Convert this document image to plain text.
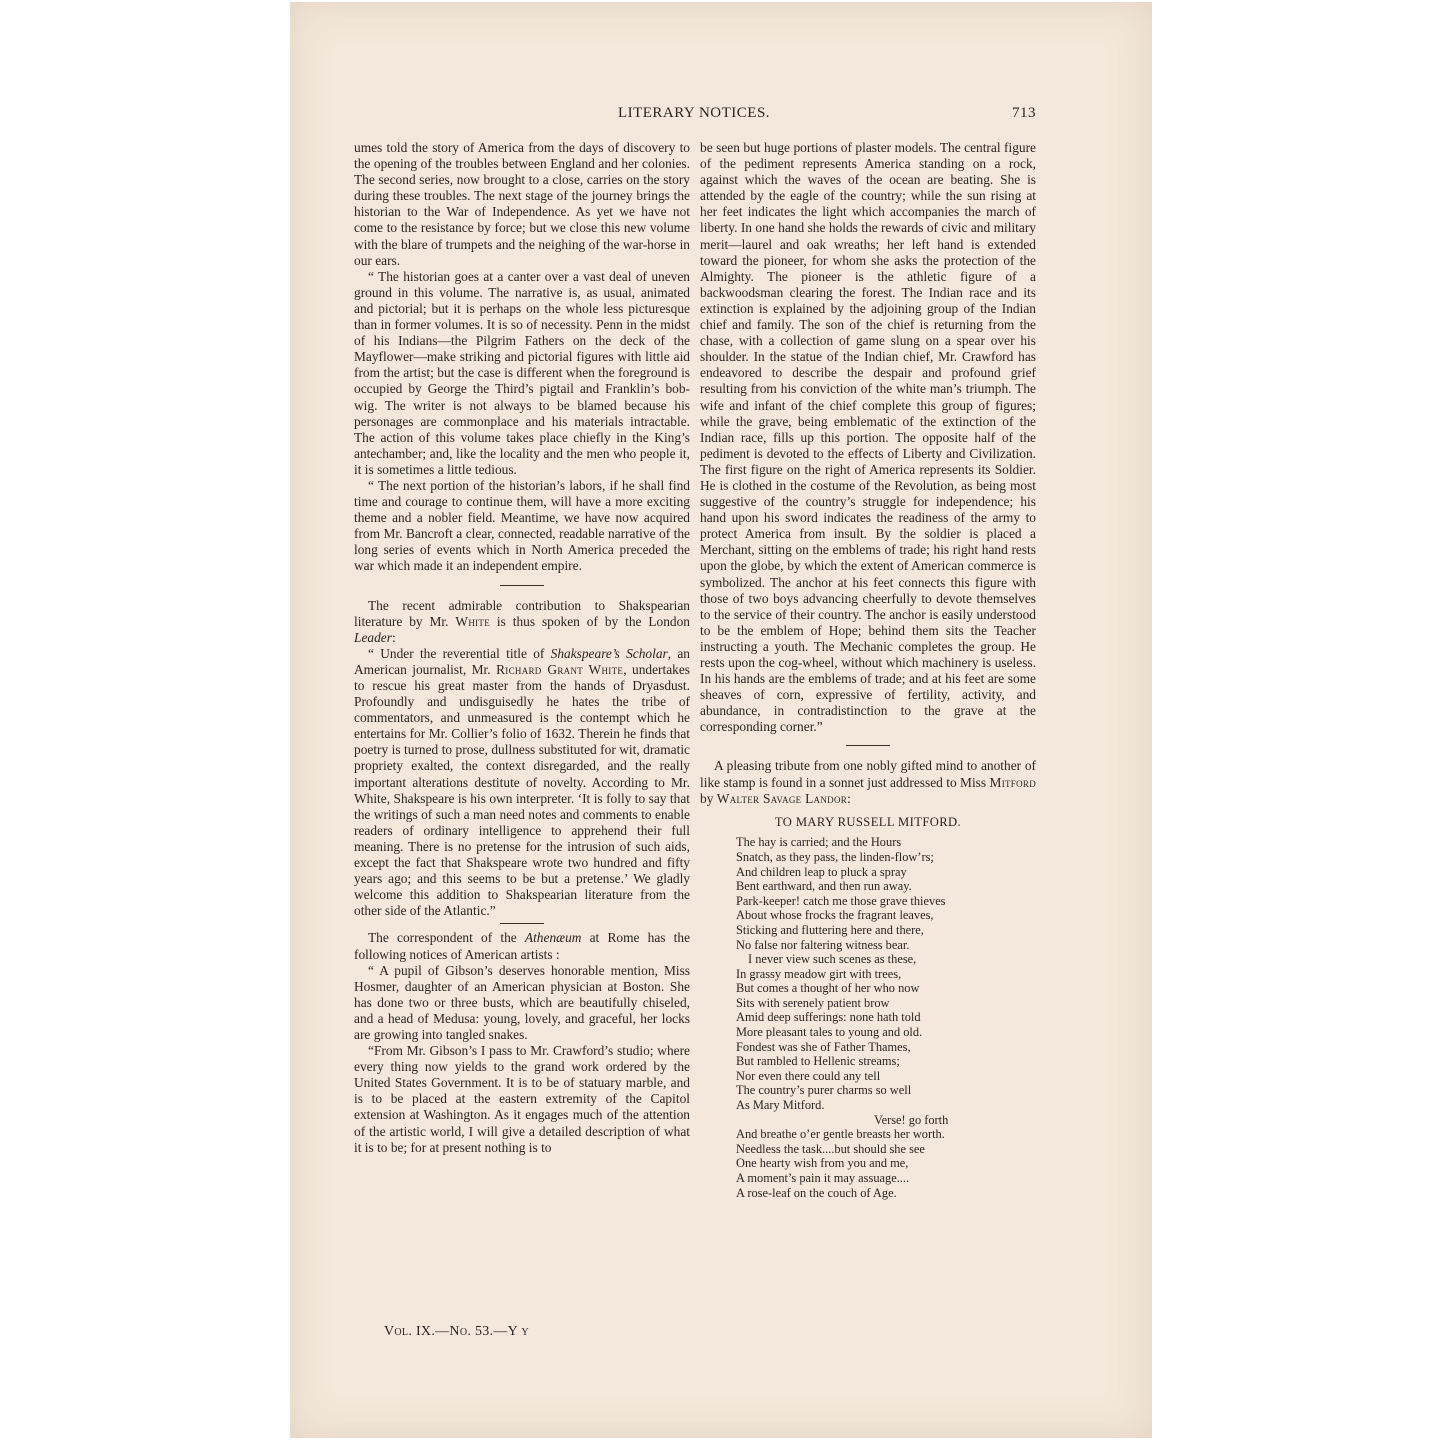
LITERARY NOTICES.	713

umes told the story of America from the days of discovery to the opening of the troubles between England and her colonies. The second series, now brought to a close, carries on the story during these troubles. The next stage of the journey brings the historian to the War of Independence. As yet we have not come to the resistance by force; but we close this new volume with the blare of trumpets and the neighing of the war-horse in our ears.

“ The historian goes at a canter over a vast deal of uneven ground in this volume. The narrative is, as usual, animated and pictorial; but it is perhaps on the whole less picturesque than in former volumes. It is so of necessity. Penn in the midst of his Indians—the Pilgrim Fathers on the deck of the Mayflower—make striking and pictorial figures with little aid from the artist; but the case is different when the foreground is occupied by George the Third’s pigtail and Franklin’s bob-wig. The writer is not always to be blamed because his personages are commonplace and his materials intractable. The action of this volume takes place chiefly in the King’s antechamber; and, like the locality and the men who people it, it is sometimes a little tedious.

“ The next portion of the historian’s labors, if he shall find time and courage to continue them, will have a more exciting theme and a nobler field. Meantime, we have now acquired from Mr. Bancroft a clear, connected, readable narrative of the long series of events which in North America preceded the war which made it an independent empire.

The recent admirable contribution to Shakspearian literature by Mr. White is thus spoken of by the London Leader:

“ Under the reverential title of Shakspeare’s Scholar, an American journalist, Mr. Richard Grant White, undertakes to rescue his great master from the hands of Dryasdust. Profoundly and undisguisedly he hates the tribe of commentators, and unmeasured is the contempt which he entertains for Mr. Collier’s folio of 1632. Therein he finds that poetry is turned to prose, dullness substituted for wit, dramatic propriety exalted, the context disregarded, and the really important alterations destitute of novelty. According to Mr. White, Shakspeare is his own interpreter. ‘It is folly to say that the writings of such a man need notes and comments to enable readers of ordinary intelligence to apprehend their full meaning. There is no pretense for the intrusion of such aids, except the fact that Shakspeare wrote two hundred and fifty years ago; and this seems to be but a pretense.’ We gladly welcome this addition to Shakspearian literature from the other side of the Atlantic.”

The correspondent of the Athenæum at Rome has the following notices of American artists :

“ A pupil of Gibson’s deserves honorable mention, Miss Hosmer, daughter of an American physician at Boston. She has done two or three busts, which are beautifully chiseled, and a head of Medusa: young, lovely, and graceful, her locks are growing into tangled snakes.

“From Mr. Gibson’s I pass to Mr. Crawford’s studio; where every thing now yields to the grand work ordered by the United States Government. It is to be of statuary marble, and is to be placed at the eastern extremity of the Capitol extension at Washington. As it engages much of the attention of the artistic world, I will give a detailed description of what it is to be; for at present nothing is to

be seen but huge portions of plaster models. The central figure of the pediment represents America standing on a rock, against which the waves of the ocean are beating. She is attended by the eagle of the country; while the sun rising at her feet indicates the light which accompanies the march of liberty. In one hand she holds the rewards of civic and military merit—laurel and oak wreaths; her left hand is extended toward the pioneer, for whom she asks the protection of the Almighty. The pioneer is the athletic figure of a backwoodsman clearing the forest. The Indian race and its extinction is explained by the adjoining group of the Indian chief and family. The son of the chief is returning from the chase, with a collection of game slung on a spear over his shoulder. In the statue of the Indian chief, Mr. Crawford has endeavored to describe the despair and profound grief resulting from his conviction of the white man’s triumph. The wife and infant of the chief complete this group of figures; while the grave, being emblematic of the extinction of the Indian race, fills up this portion. The opposite half of the pediment is devoted to the effects of Liberty and Civilization. The first figure on the right of America represents its Soldier. He is clothed in the costume of the Revolution, as being most suggestive of the country’s struggle for independence; his hand upon his sword indicates the readiness of the army to protect America from insult. By the soldier is placed a Merchant, sitting on the emblems of trade; his right hand rests upon the globe, by which the extent of American commerce is symbolized. The anchor at his feet connects this figure with those of two boys advancing cheerfully to devote themselves to the service of their country. The anchor is easily understood to be the emblem of Hope; behind them sits the Teacher instructing a youth. The Mechanic completes the group. He rests upon the cog-wheel, without which machinery is useless. In his hands are the emblems of trade; and at his feet are some sheaves of corn, expressive of fertility, activity, and abundance, in contradistinction to the grave at the corresponding corner.”

A pleasing tribute from one nobly gifted mind to another of like stamp is found in a sonnet just addressed to Miss Mitford by Walter Savage Landor:

TO MARY RUSSELL MITFORD.
The hay is carried; and the Hours
Snatch, as they pass, the linden-flow’rs;
And children leap to pluck a spray
Bent earthward, and then run away.
Park-keeper! catch me those grave thieves
About whose frocks the fragrant leaves,
Sticking and fluttering here and there,
No false nor faltering witness bear.
I never view such scenes as these,
In grassy meadow girt with trees,
But comes a thought of her who now
Sits with serenely patient brow
Amid deep sufferings: none hath told
More pleasant tales to young and old.
Fondest was she of Father Thames,
But rambled to Hellenic streams;
Nor even there could any tell
The country’s purer charms so well
As Mary Mitford.
Verse! go forth
And breathe o’er gentle breasts her worth.
Needless the task....but should she see
One hearty wish from you and me,
A moment’s pain it may assuage....
A rose-leaf on the couch of Age.
Vol. IX.—No. 53.—Y y
